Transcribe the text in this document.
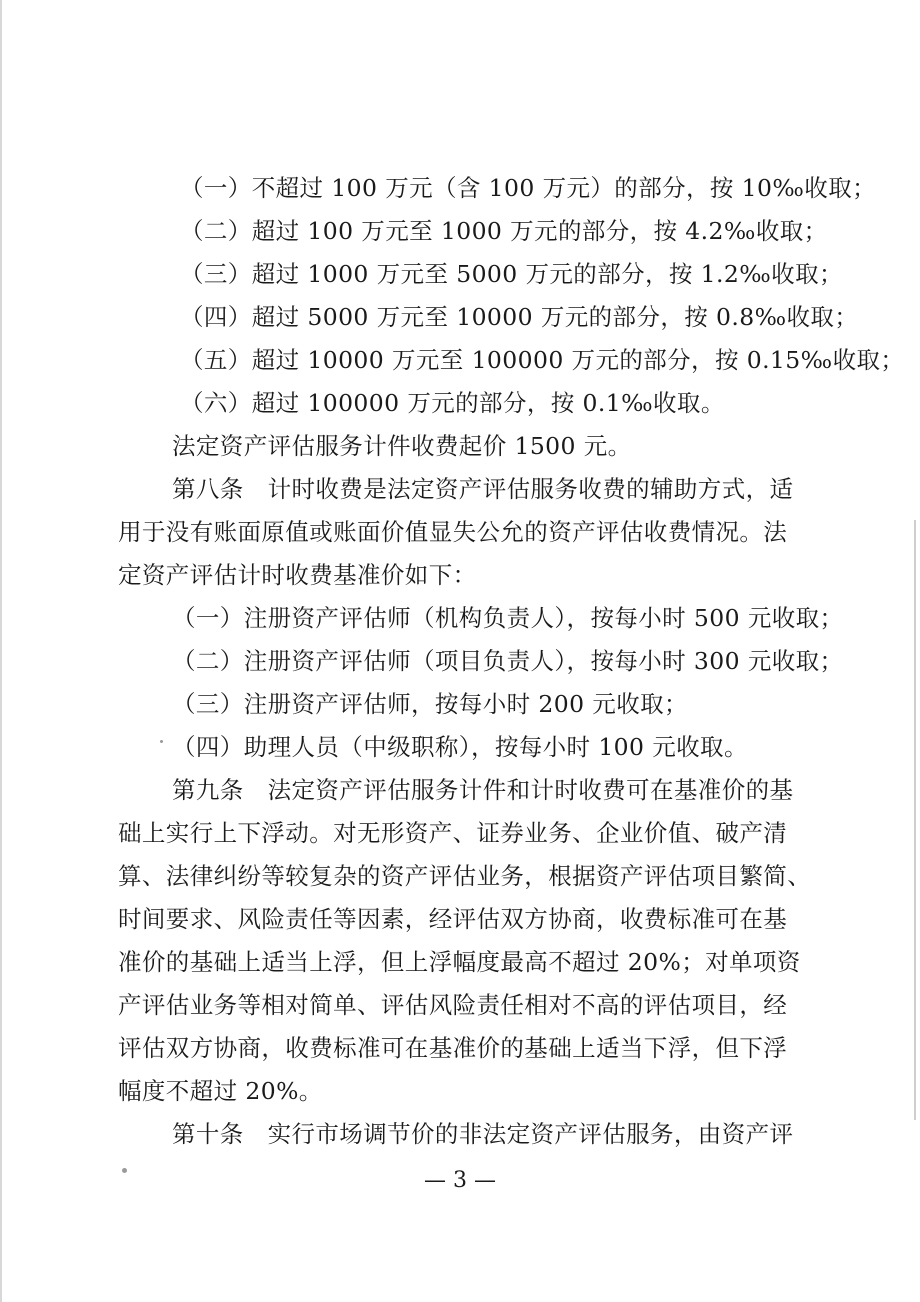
（一）不超过 100 万元（含 100 万元）的部分，按 10‰收取；
（二）超过 100 万元至 1000 万元的部分，按 4.2‰收取；
（三）超过 1000 万元至 5000 万元的部分，按 1.2‰收取；
（四）超过 5000 万元至 10000 万元的部分，按 0.8‰收取；
（五）超过 10000 万元至 100000 万元的部分，按 0.15‰收取；
（六）超过 100000 万元的部分，按 0.1‰收取。
法定资产评估服务计件收费起价 1500 元。
第八条　计时收费是法定资产评估服务收费的辅助方式，适
用于没有账面原值或账面价值显失公允的资产评估收费情况。法
定资产评估计时收费基准价如下：
（一）注册资产评估师（机构负责人），按每小时 500 元收取；
（二）注册资产评估师（项目负责人），按每小时 300 元收取；
（三）注册资产评估师，按每小时 200 元收取；
（四）助理人员（中级职称），按每小时 100 元收取。
第九条　法定资产评估服务计件和计时收费可在基准价的基
础上实行上下浮动。对无形资产、证券业务、企业价值、破产清
算、法律纠纷等较复杂的资产评估业务，根据资产评估项目繁简、
时间要求、风险责任等因素，经评估双方协商，收费标准可在基
准价的基础上适当上浮，但上浮幅度最高不超过 20%；对单项资
产评估业务等相对简单、评估风险责任相对不高的评估项目，经
评估双方协商，收费标准可在基准价的基础上适当下浮，但下浮
幅度不超过 20%。
第十条　实行市场调节价的非法定资产评估服务，由资产评
— 3 —
